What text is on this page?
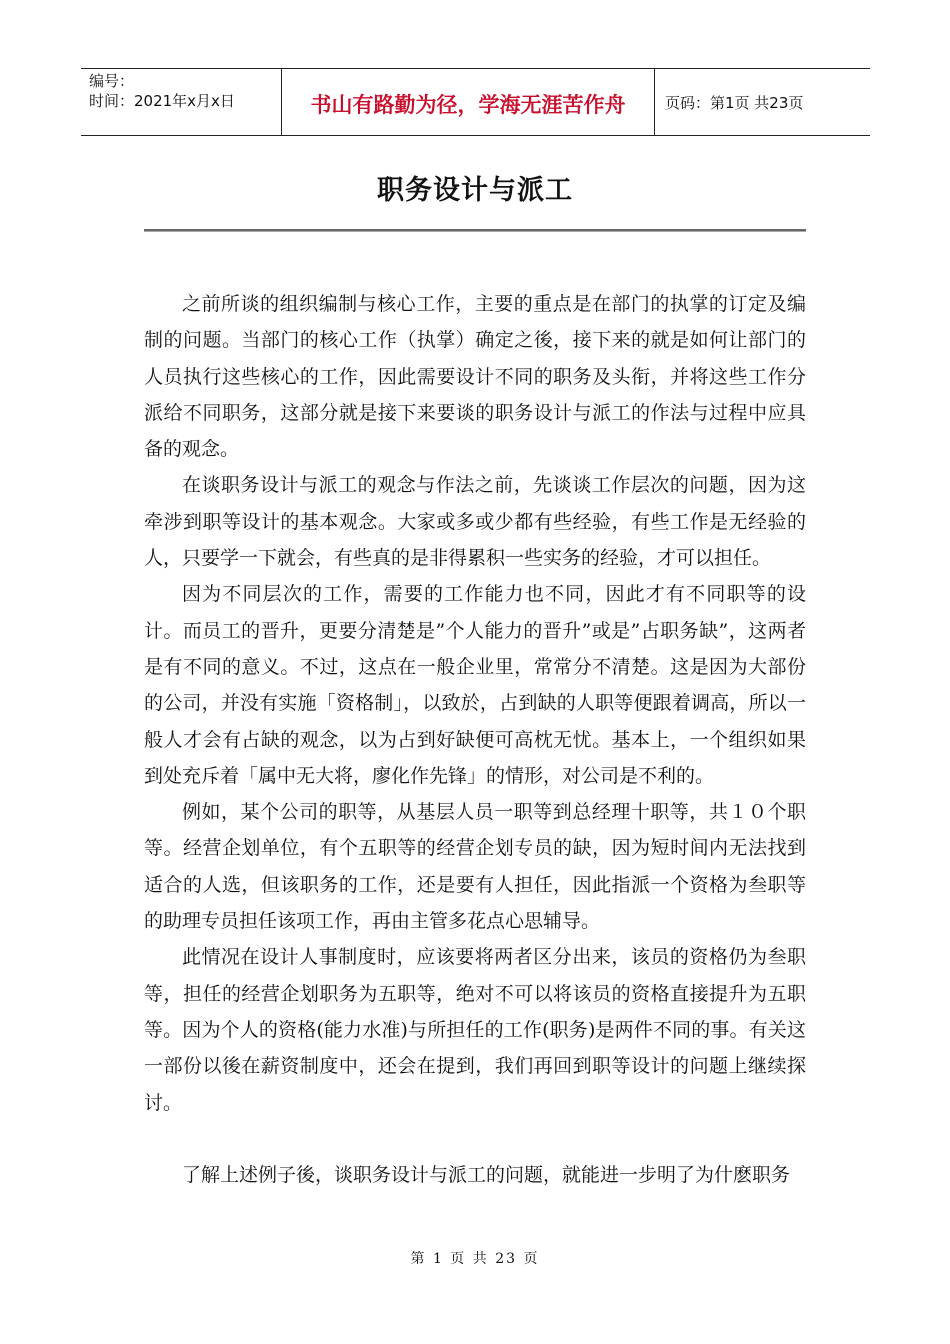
编号：
时间：2021年x月x日	书山有路勤为径，学海无涯苦作舟	页码：第1页 共23页
职务设计与派工

之前所谈的组织编制与核心工作，主要的重点是在部门的执掌的订定及编制的问题。当部门的核心工作（执掌）确定之後，接下来的就是如何让部门的人员执行这些核心的工作，因此需要设计不同的职务及头衔，并将这些工作分派给不同职务，这部分就是接下来要谈的职务设计与派工的作法与过程中应具备的观念。

在谈职务设计与派工的观念与作法之前，先谈谈工作层次的问题，因为这牵涉到职等设计的基本观念。大家或多或少都有些经验，有些工作是无经验的人，只要学一下就会，有些真的是非得累积一些实务的经验，才可以担任。

因为不同层次的工作，需要的工作能力也不同，因此才有不同职等的设计。而员工的晋升，更要分清楚是”个人能力的晋升”或是”占职务缺”，这两者是有不同的意义。不过，这点在一般企业里，常常分不清楚。这是因为大部份的公司，并没有实施「资格制」，以致於，占到缺的人职等便跟着调高，所以一般人才会有占缺的观念，以为占到好缺便可高枕无忧。基本上，一个组织如果到处充斥着「属中无大将，廖化作先锋」的情形，对公司是不利的。

例如，某个公司的职等，从基层人员一职等到总经理十职等，共１０个职等。经营企划单位，有个五职等的经营企划专员的缺，因为短时间内无法找到适合的人选，但该职务的工作，还是要有人担任，因此指派一个资格为叁职等的助理专员担任该项工作，再由主管多花点心思辅导。

此情况在设计人事制度时，应该要将两者区分出来，该员的资格仍为叁职等，担任的经营企划职务为五职等，绝对不可以将该员的资格直接提升为五职等。因为个人的资格(能力水准)与所担任的工作(职务)是两件不同的事。有关这一部份以後在薪资制度中，还会在提到，我们再回到职等设计的问题上继续探讨。

了解上述例子後，谈职务设计与派工的问题，就能进一步明了为什麽职务

第 1 页 共 23 页
